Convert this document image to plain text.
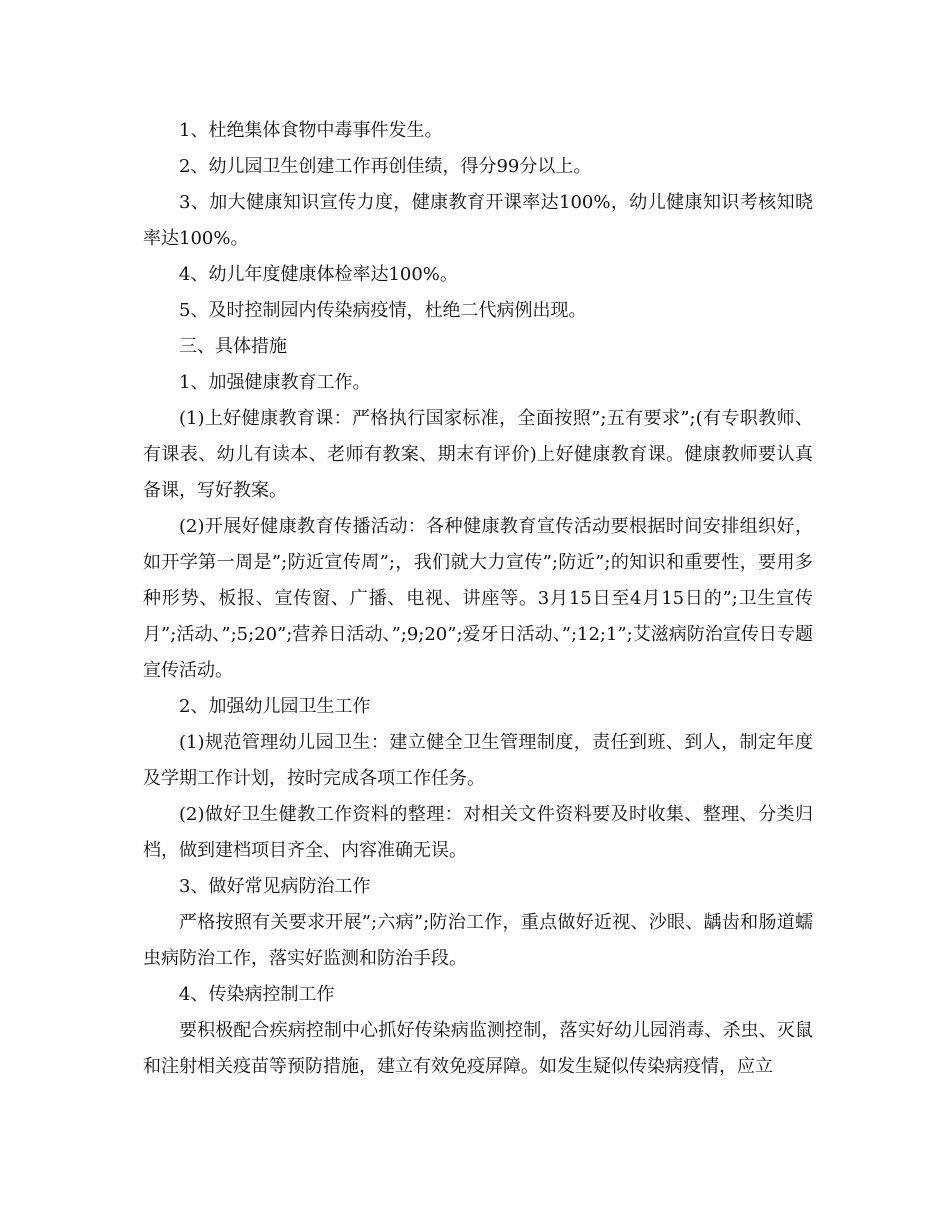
1、杜绝集体食物中毒事件发生。

2、幼儿园卫生创建工作再创佳绩，得分99分以上。

3、加大健康知识宣传力度，健康教育开课率达100%，幼儿健康知识考核知晓率达100%。

4、幼儿年度健康体检率达100%。

5、及时控制园内传染病疫情，杜绝二代病例出现。

三、具体措施

1、加强健康教育工作。

(1)上好健康教育课：严格执行国家标准，全面按照”;五有要求”;(有专职教师、有课表、幼儿有读本、老师有教案、期末有评价)上好健康教育课。健康教师要认真备课，写好教案。

(2)开展好健康教育传播活动：各种健康教育宣传活动要根据时间安排组织好，如开学第一周是”;防近宣传周”;，我们就大力宣传”;防近”;的知识和重要性，要用多种形势、板报、宣传窗、广播、电视、讲座等。3月15日至4月15日的”;卫生宣传月”;活动、”;5;20”;营养日活动、”;9;20”;爱牙日活动、”;12;1”;艾滋病防治宣传日专题宣传活动。

2、加强幼儿园卫生工作

(1)规范管理幼儿园卫生：建立健全卫生管理制度，责任到班、到人，制定年度及学期工作计划，按时完成各项工作任务。

(2)做好卫生健教工作资料的整理：对相关文件资料要及时收集、整理、分类归档，做到建档项目齐全、内容准确无误。

3、做好常见病防治工作

严格按照有关要求开展”;六病”;防治工作，重点做好近视、沙眼、龋齿和肠道蠕虫病防治工作，落实好监测和防治手段。

4、传染病控制工作

要积极配合疾病控制中心抓好传染病监测控制，落实好幼儿园消毒、杀虫、灭鼠和注射相关疫苗等预防措施，建立有效免疫屏障。如发生疑似传染病疫情，应立
